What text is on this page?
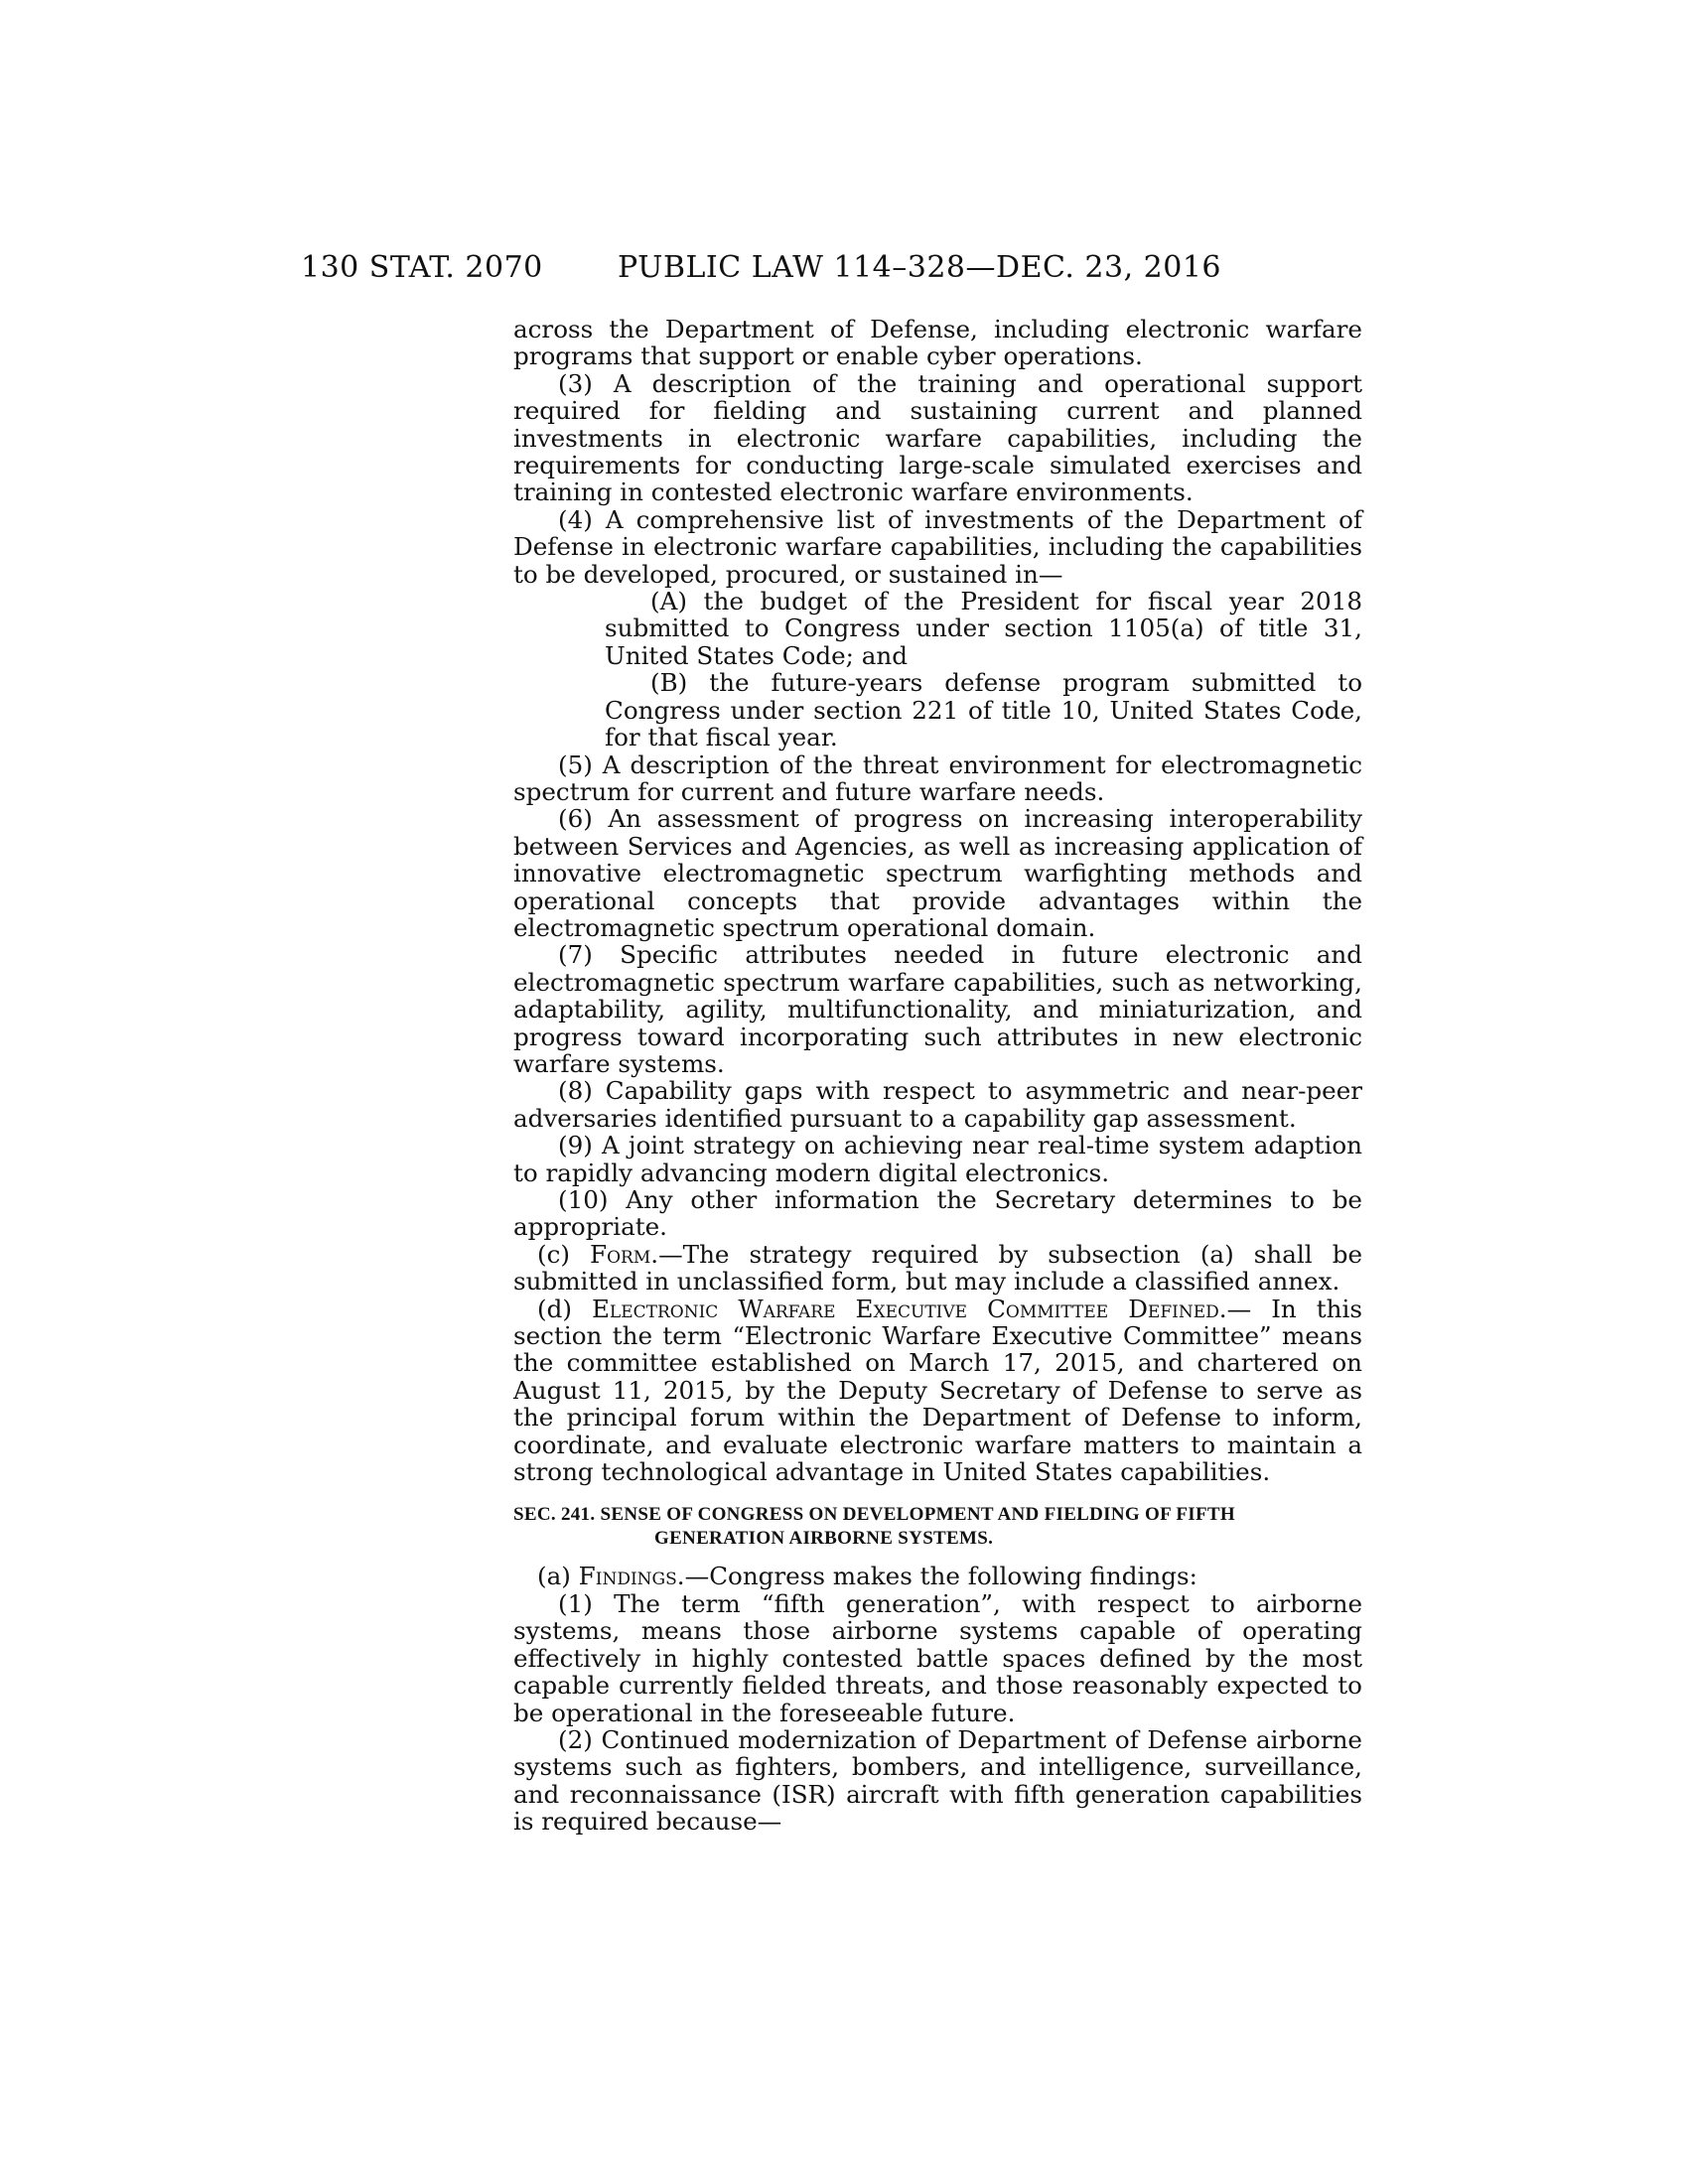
130 STAT. 2070	PUBLIC LAW 114–328—DEC. 23, 2016

across the Department of Defense, including electronic warfare programs that support or enable cyber operations.

(3) A description of the training and operational support required for fielding and sustaining current and planned investments in electronic warfare capabilities, including the requirements for conducting large-scale simulated exercises and training in contested electronic warfare environments.

(4) A comprehensive list of investments of the Department of Defense in electronic warfare capabilities, including the capabilities to be developed, procured, or sustained in—

(A) the budget of the President for fiscal year 2018 submitted to Congress under section 1105(a) of title 31, United States Code; and

(B) the future-years defense program submitted to Congress under section 221 of title 10, United States Code, for that fiscal year.

(5) A description of the threat environment for electromagnetic spectrum for current and future warfare needs.

(6) An assessment of progress on increasing interoperability between Services and Agencies, as well as increasing application of innovative electromagnetic spectrum warfighting methods and operational concepts that provide advantages within the electromagnetic spectrum operational domain.

(7) Specific attributes needed in future electronic and electromagnetic spectrum warfare capabilities, such as networking, adaptability, agility, multifunctionality, and miniaturization, and progress toward incorporating such attributes in new electronic warfare systems.

(8) Capability gaps with respect to asymmetric and near-peer adversaries identified pursuant to a capability gap assessment.

(9) A joint strategy on achieving near real-time system adaption to rapidly advancing modern digital electronics.

(10) Any other information the Secretary determines to be appropriate.

(c) Form.—The strategy required by subsection (a) shall be submitted in unclassified form, but may include a classified annex.

(d) Electronic Warfare Executive Committee Defined.— In this section the term “Electronic Warfare Executive Committee” means the committee established on March 17, 2015, and chartered on August 11, 2015, by the Deputy Secretary of Defense to serve as the principal forum within the Department of Defense to inform, coordinate, and evaluate electronic warfare matters to maintain a strong technological advantage in United States capabilities.

SEC. 241. SENSE OF CONGRESS ON DEVELOPMENT AND FIELDING OF FIFTH GENERATION AIRBORNE SYSTEMS.

(a) Findings.—Congress makes the following findings:

(1) The term “fifth generation”, with respect to airborne systems, means those airborne systems capable of operating effectively in highly contested battle spaces defined by the most capable currently fielded threats, and those reasonably expected to be operational in the foreseeable future.

(2) Continued modernization of Department of Defense airborne systems such as fighters, bombers, and intelligence, surveillance, and reconnaissance (ISR) aircraft with fifth generation capabilities is required because—
